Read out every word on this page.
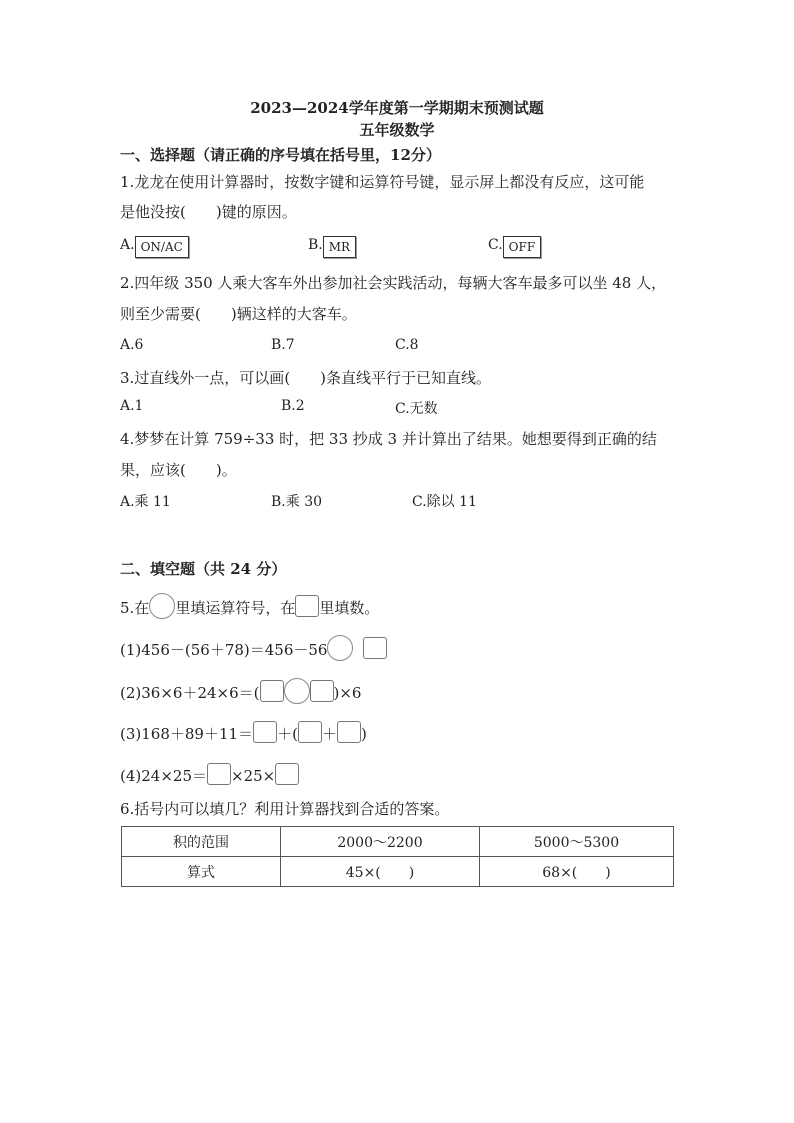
2023—2024学年度第一学期期末预测试题
五年级数学
一、选择题（请正确的序号填在括号里，12分）
1.龙龙在使用计算器时，按数字键和运算符号键，显示屏上都没有反应，这可能
是他没按(　　)键的原因。
A. ON/AC	B. MR	C. OFF
2.四年级 350 人乘大客车外出参加社会实践活动，每辆大客车最多可以坐 48 人，
则至少需要(　　)辆这样的大客车。
A.6	B.7	C.8
3.过直线外一点，可以画(　　)条直线平行于已知直线。
A.1	B.2	C.无数
4.梦梦在计算 759÷33 时，把 33 抄成 3 并计算出了结果。她想要得到正确的结
果，应该(　　)。
A.乘 11	B.乘 30	C.除以 11
二、填空题（共 24 分）
5.在 里填运算符号，在 里填数。
(1)456－(56＋78)＝456－56
(2)36×6＋24×6＝(	)×6
(3)168＋89＋11＝ ＋( ＋ )
(4)24×25＝ ×25×
6.括号内可以填几？利用计算器找到合适的答案。
积的范围	2000～2200	5000～5300
算式	45×(　　)	68×(　　)
